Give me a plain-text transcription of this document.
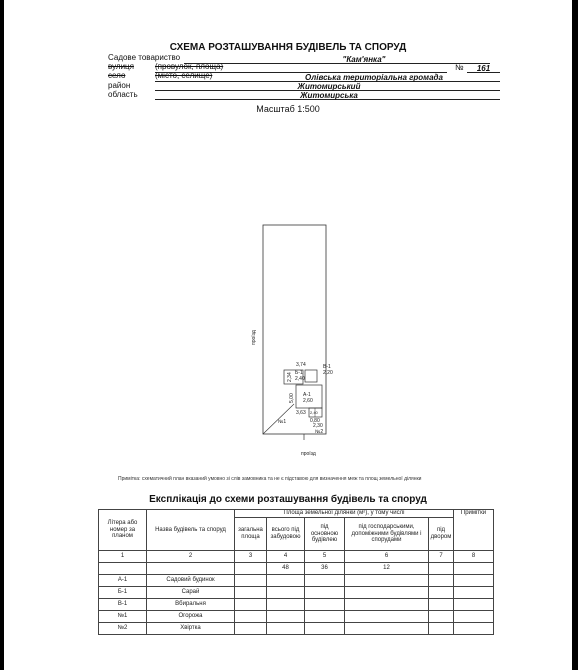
СХЕМА РОЗТАШУВАННЯ БУДІВЕЛЬ ТА СПОРУД
Садове товариство	"Кам'янка"
вулиця	(провулок, площа)	№	161
село	(місто, селище)	Олівська територіальна громада
район	Житомирський
область	Житомирська
Масштаб 1:500
проїзд
3,74
2,34 Б-1
2,40
В-1
2,20
5,00 А-1
2,60
3,63 2,40
0,80
2,30
№1
№2
проїзд
Примітка: схематичний план вказаний умовно зі слів замовника та не є підставою для визначення меж та площ земельної ділянки
Експлікація до схеми розташування будівель та споруд
Літера або номер за планом	Назва будівель та споруд	Площа земельної ділянки (м²), у тому числі					Примітки
		загальна площа	всього під забудовою	під основною будівлею	під господарськими, допоміжними будівлями і спорудами	під двором	
1	2	3	4	5	6	7	8
			48	36	12		
А-1	Садовий будинок						
Б-1	Сарай						
В-1	Вбиральня						
№1	Огорожа						
№2	Хвіртка						
